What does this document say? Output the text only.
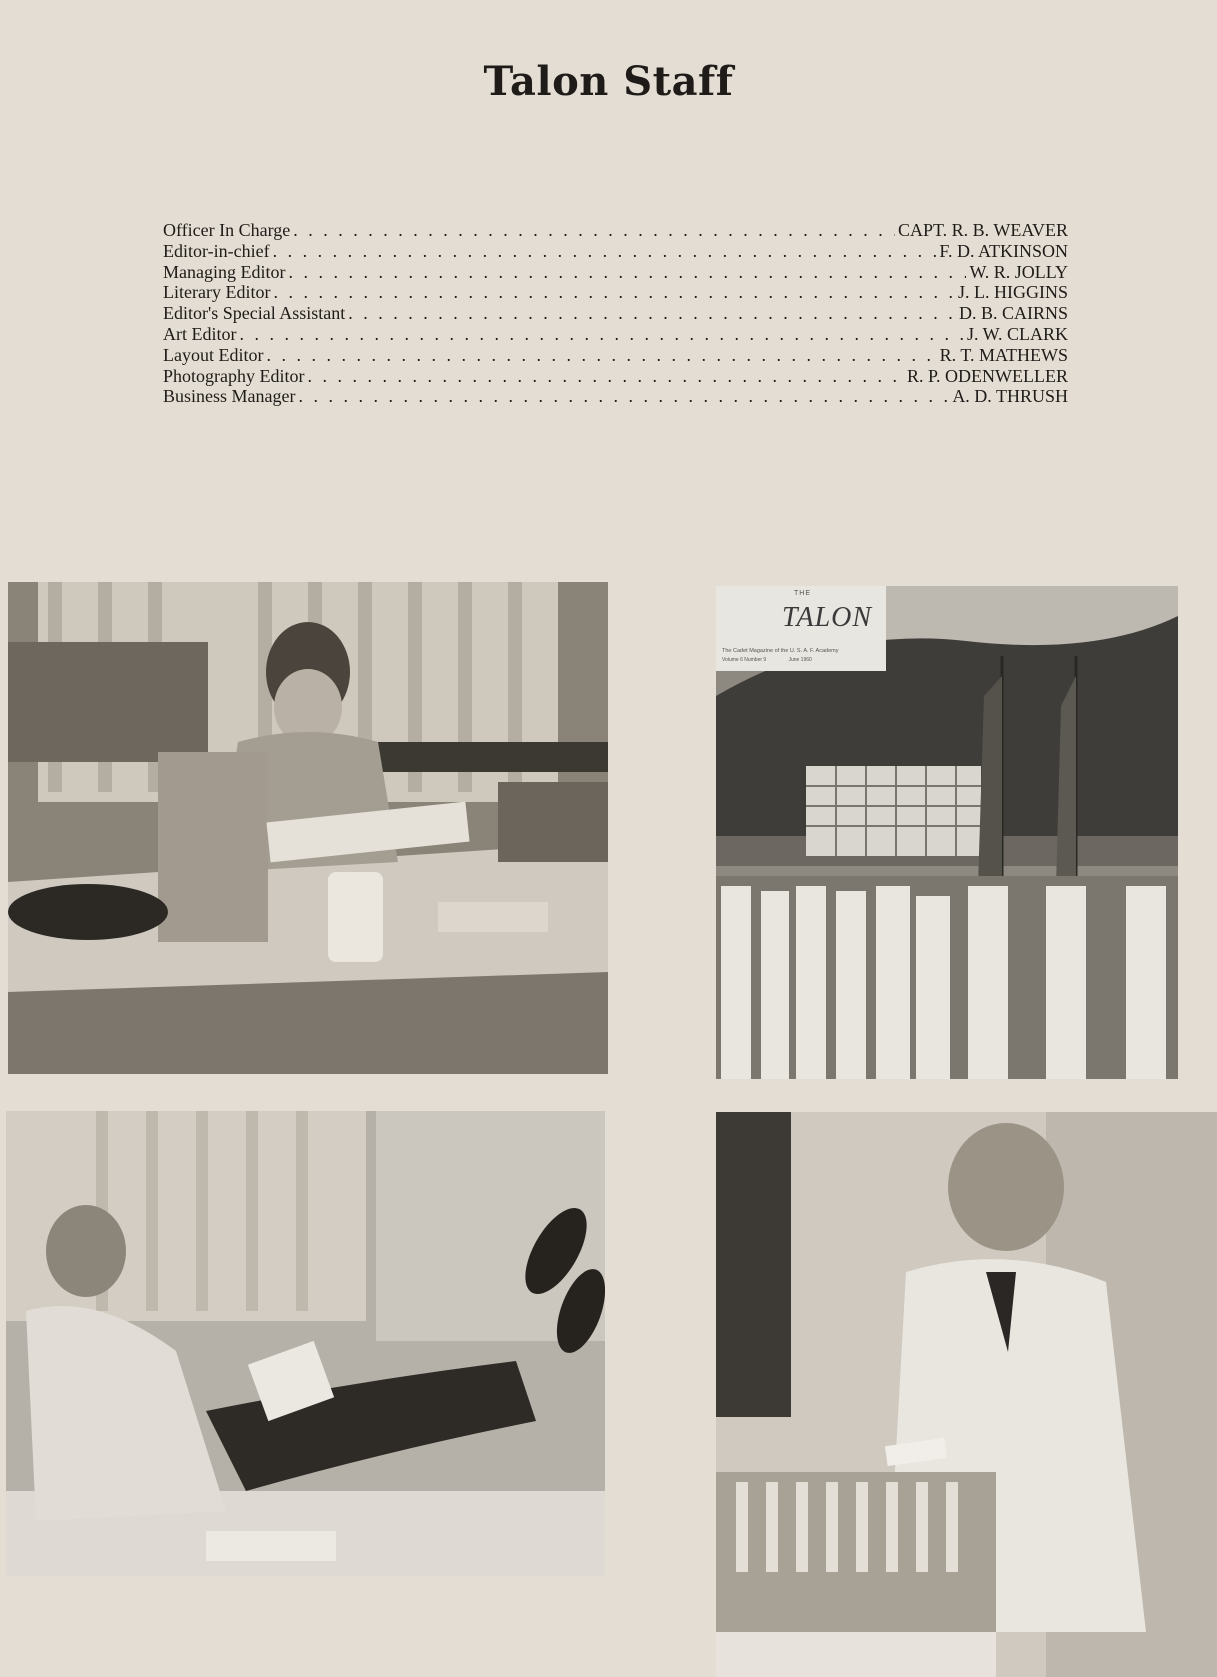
Talon Staff
Officer In Charge . . .	CAPT. R. B. WEAVER
Editor-in-chief . . .	F. D. ATKINSON
Managing Editor . . .	W. R. JOLLY
Literary Editor . . .	J. L. HIGGINS
Editor's Special Assistant . . .	D. B. CAIRNS
Art Editor . . .	J. W. CLARK
Layout Editor . . .	R. T. MATHEWS
Photography Editor . . .	R. P. ODENWELLER
Business Manager . . .	A. D. THRUSH
THE
TALON
The Cadet Magazine of the U. S. A. F. Academy
Volume 6 Number 9	June 1960
